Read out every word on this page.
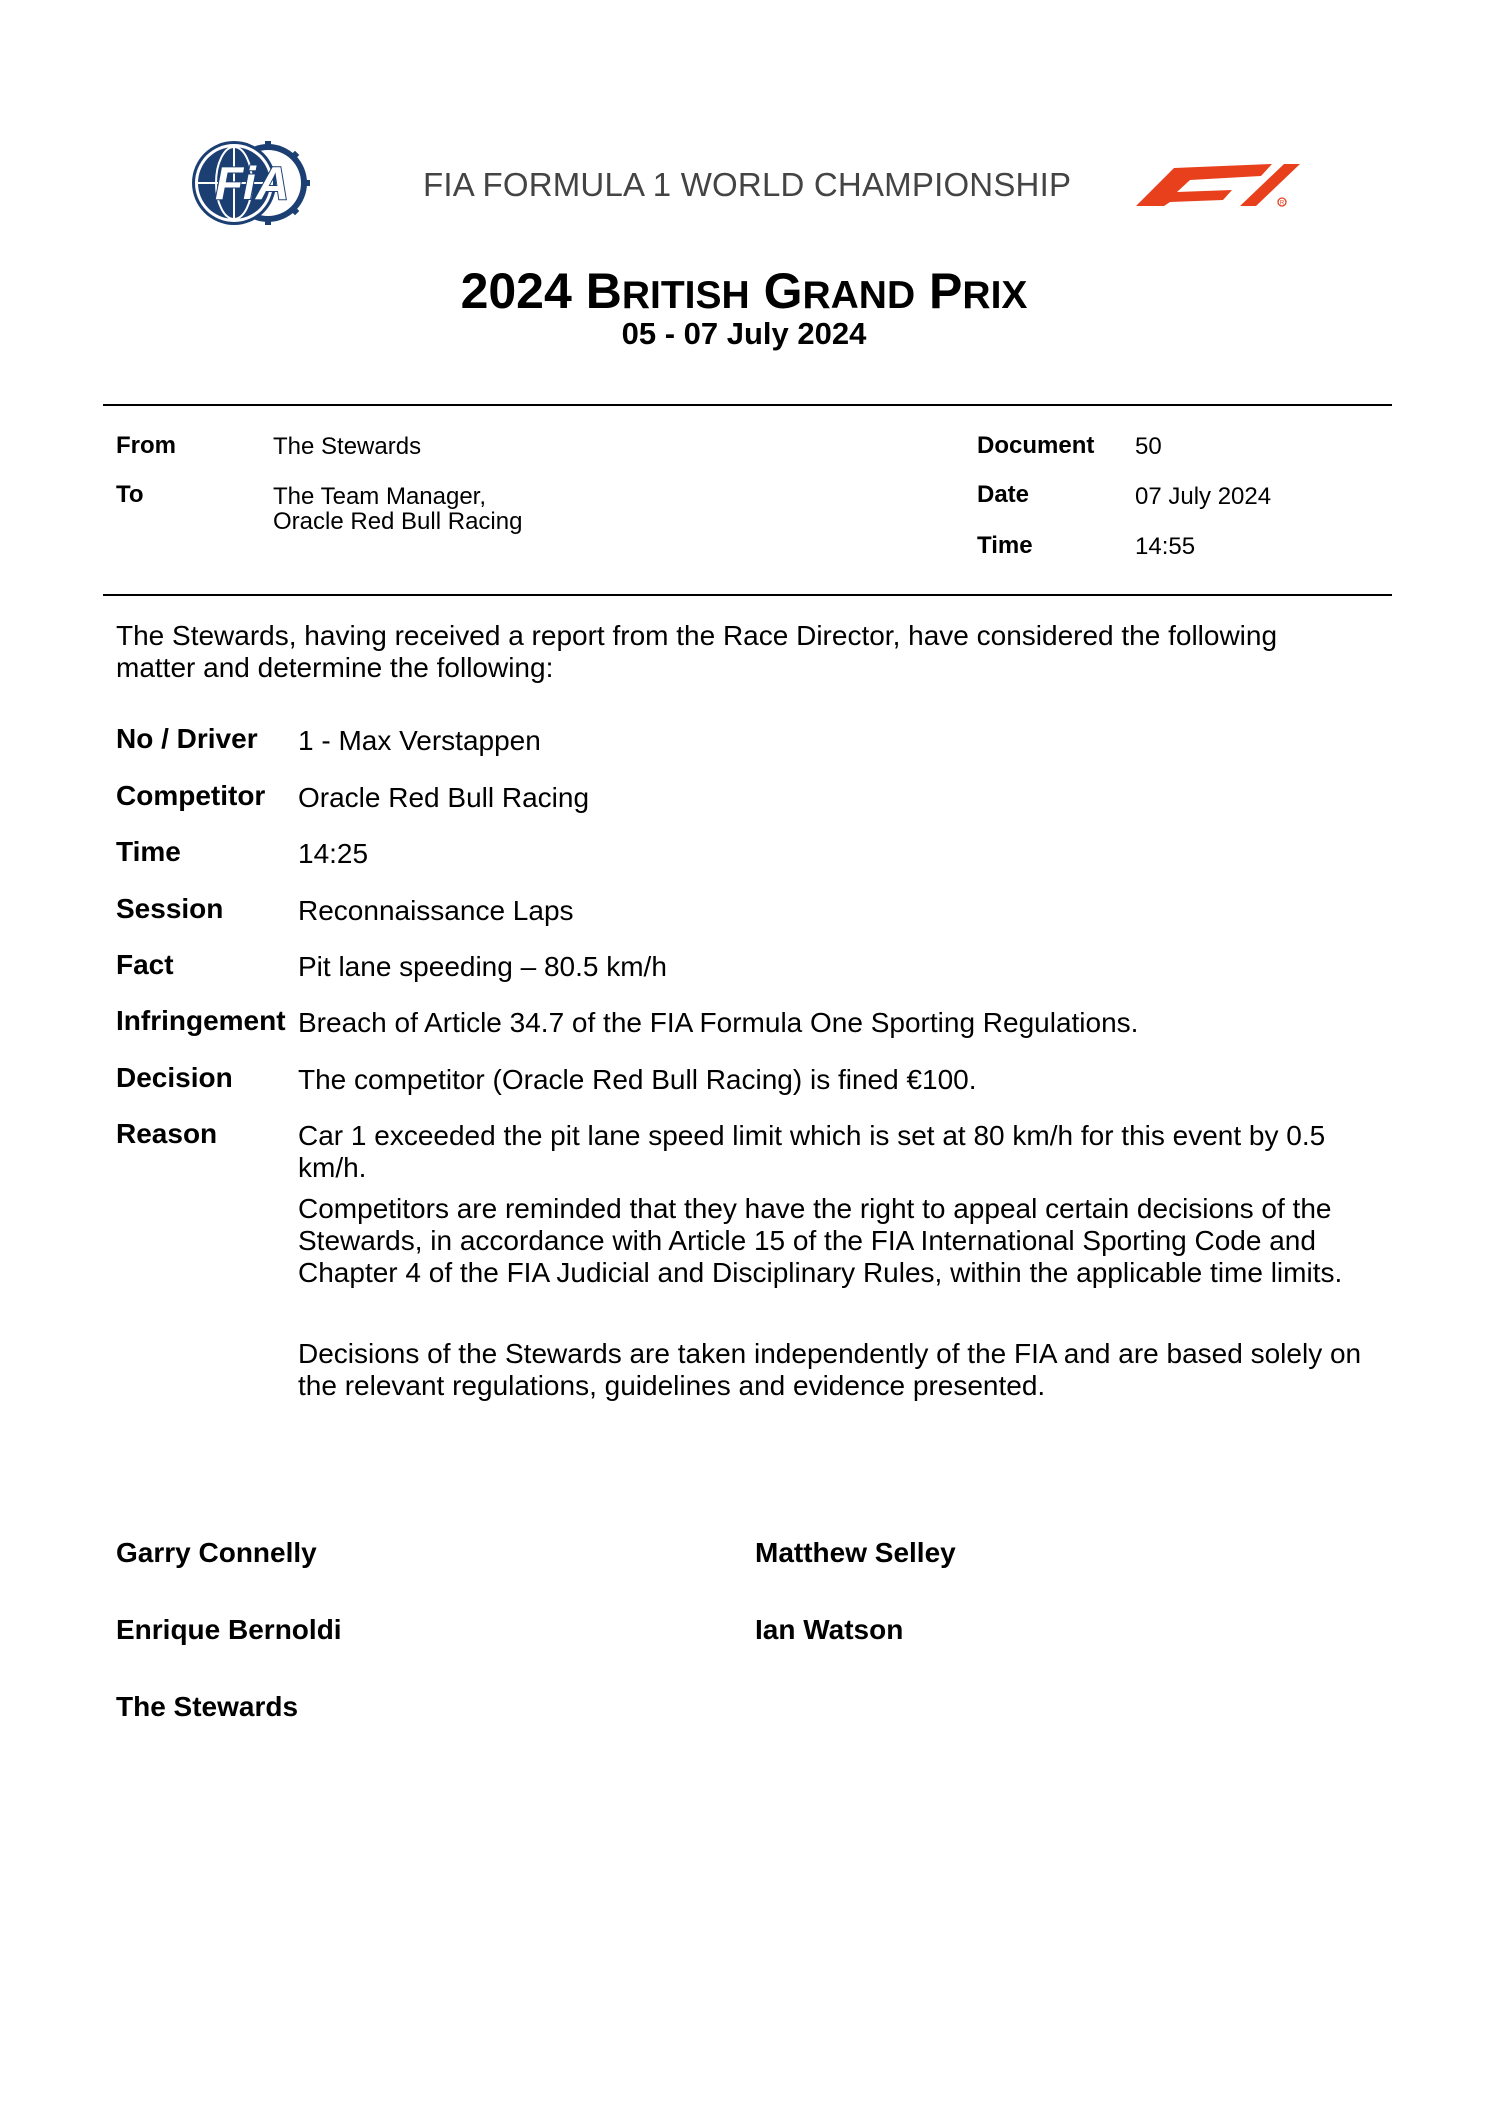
FiA	FIA FORMULA 1 WORLD CHAMPIONSHIP
R
2024 BRITISH GRAND PRIX
05 - 07 July 2024
From	The Stewards
To	The Team Manager,
Oracle Red Bull Racing
Document 50
Date	07 July 2024
Time	14:55
The Stewards, having received a report from the Race Director, have considered the following matter and determine the following:
No / Driver 1 - Max Verstappen
Competitor Oracle Red Bull Racing
Time	14:25
Session	Reconnaissance Laps
Fact	Pit lane speeding – 80.5 km/h
Infringement Breach of Article 34.7 of the FIA Formula One Sporting Regulations.
Decision The competitor (Oracle Red Bull Racing) is fined €100.
Reason	Car 1 exceeded the pit lane speed limit which is set at 80 km/h for this event by 0.5 km/h.
Competitors are reminded that they have the right to appeal certain decisions of the Stewards, in accordance with Article 15 of the FIA International Sporting Code and Chapter 4 of the FIA Judicial and Disciplinary Rules, within the applicable time limits.
Decisions of the Stewards are taken independently of the FIA and are based solely on the relevant regulations, guidelines and evidence presented.
Garry Connelly	Matthew Selley
Enrique Bernoldi	Ian Watson
The Stewards
